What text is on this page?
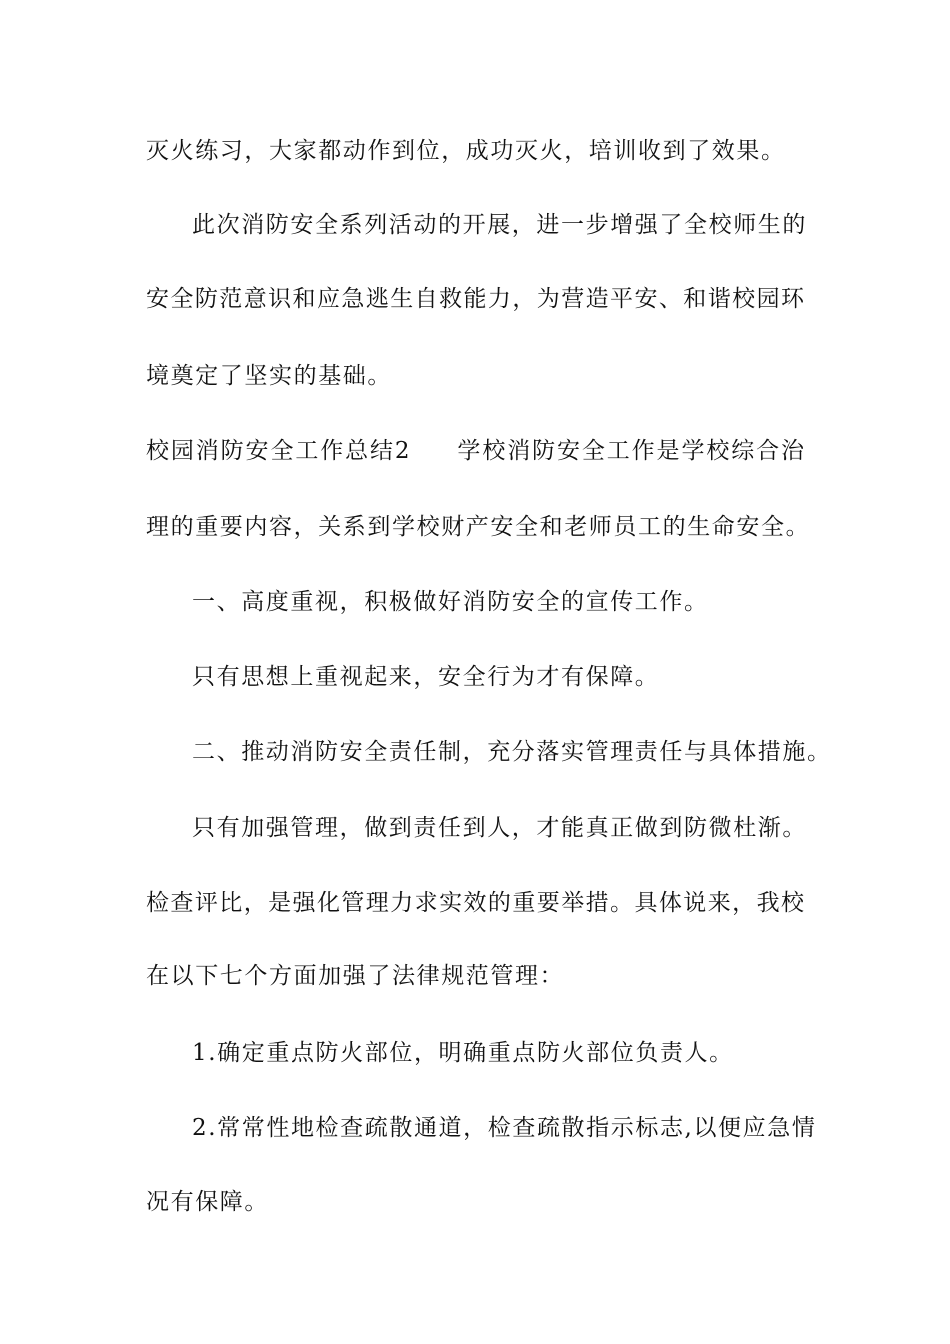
灭火练习，大家都动作到位，成功灭火，培训收到了效果。
此次消防安全系列活动的开展，进一步增强了全校师生的
安全防范意识和应急逃生自救能力，为营造平安、和谐校园环
境奠定了坚实的基础。
校园消防安全工作总结2 学校消防安全工作是学校综合治
理的重要内容，关系到学校财产安全和老师员工的生命安全。
一、高度重视，积极做好消防安全的宣传工作。
只有思想上重视起来，安全行为才有保障。
二、推动消防安全责任制，充分落实管理责任与具体措施。
只有加强管理，做到责任到人，才能真正做到防微杜渐。
检查评比，是强化管理力求实效的重要举措。具体说来，我校
在以下七个方面加强了法律规范管理：
1.确定重点防火部位，明确重点防火部位负责人。
2.常常性地检查疏散通道，检查疏散指示标志,以便应急情
况有保障。
